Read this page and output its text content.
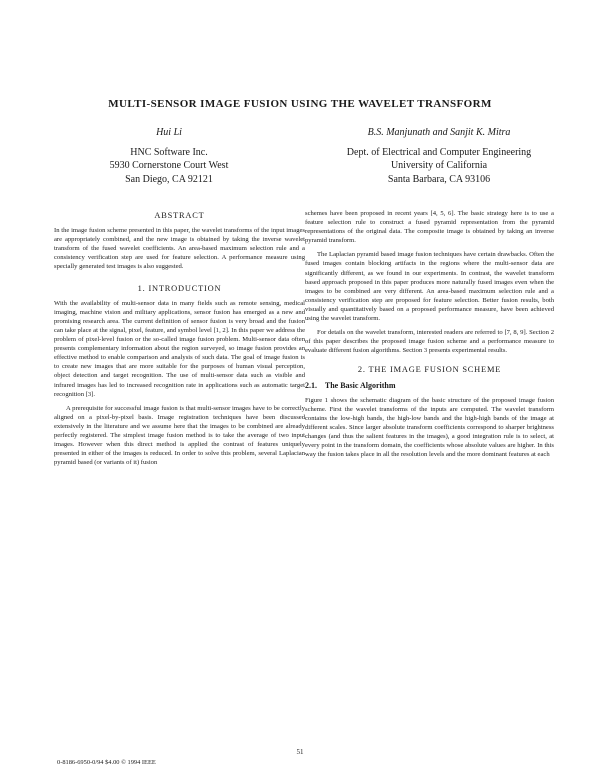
MULTI-SENSOR IMAGE FUSION USING THE WAVELET TRANSFORM
Hui Li
HNC Software Inc.
5930 Cornerstone Court West
San Diego, CA 92121
B.S. Manjunath and Sanjit K. Mitra
Dept. of Electrical and Computer Engineering
University of California
Santa Barbara, CA 93106
ABSTRACT

In the image fusion scheme presented in this paper, the wavelet transforms of the input images are appropriately combined, and the new image is obtained by taking the inverse wavelet transform of the fused wavelet coefficients. An area-based maximum selection rule and a consistency verification step are used for feature selection. A performance measure using specially generated test images is also suggested.

1. INTRODUCTION

With the availability of multi-sensor data in many fields such as remote sensing, medical imaging, machine vision and military applications, sensor fusion has emerged as a new and promising research area. The current definition of sensor fusion is very broad and the fusion can take place at the signal, pixel, feature, and symbol level [1, 2]. In this paper we address the problem of pixel-level fusion or the so-called image fusion problem. Multi-sensor data often presents complementary information about the region surveyed, so image fusion provides an effective method to enable comparison and analysis of such data. The goal of image fusion is to create new images that are more suitable for the purposes of human visual perception, object detection and target recognition. The use of multi-sensor data such as visible and infrared images has led to increased recognition rate in applications such as automatic target recognition [3].

A prerequisite for successful image fusion is that multi-sensor images have to be correctly aligned on a pixel-by-pixel basis. Image registration techniques have been discussed extensively in the literature and we assume here that the images to be combined are already perfectly registered. The simplest image fusion method is to take the average of two input images. However when this direct method is applied the contrast of features uniquely presented in either of the images is reduced. In order to solve this problem, several Laplacian pyramid based (or variants of it) fusion

schemes have been proposed in recent years [4, 5, 6]. The basic strategy here is to use a feature selection rule to construct a fused pyramid representation from the pyramid representations of the original data. The composite image is obtained by taking an inverse pyramid transform.

The Laplacian pyramid based image fusion techniques have certain drawbacks. Often the fused images contain blocking artifacts in the regions where the multi-sensor data are significantly different, as we found in our experiments. In contrast, the wavelet transform based approach proposed in this paper produces more naturally fused images even when the images to be combined are very different. An area-based maximum selection rule and a consistency verification step are proposed for feature selection. Better fusion results, both visually and quantitatively based on a proposed performance measure, have been achieved using the wavelet transform.

For details on the wavelet transform, interested readers are referred to [7, 8, 9]. Section 2 of this paper describes the proposed image fusion scheme and a performance measure to evaluate different fusion algorithms. Section 3 presents experimental results.

2. THE IMAGE FUSION SCHEME
2.1. The Basic Algorithm

Figure 1 shows the schematic diagram of the basic structure of the proposed image fusion scheme. First the wavelet transforms of the inputs are computed. The wavelet transform contains the low-high bands, the high-low bands and the high-high bands of the image at different scales. Since larger absolute transform coefficients correspond to sharper brightness changes (and thus the salient features in the images), a good integration rule is to select, at every point in the transform domain, the coefficients whose absolute values are higher. In this way the fusion takes place in all the resolution levels and the more dominant features at each

51
0-8186-6950-0/94 $4.00 © 1994 IEEE
